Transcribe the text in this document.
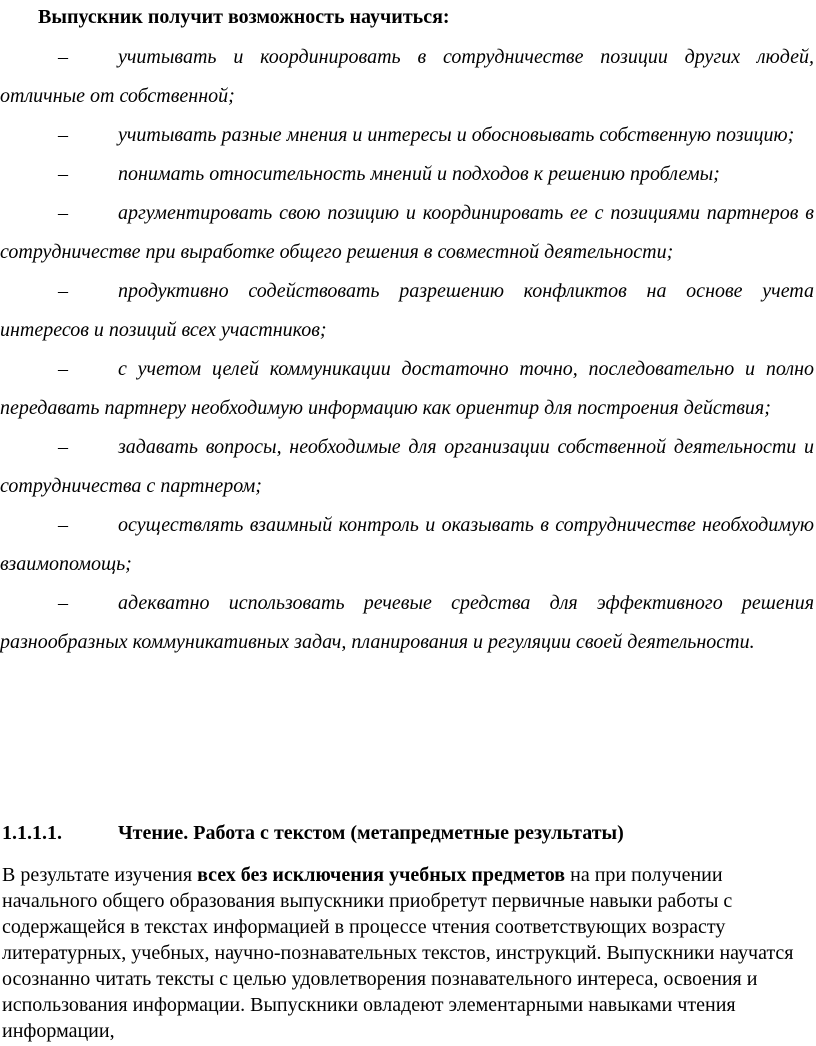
Выпускник получит возможность научиться:
–	учитывать и координировать в сотрудничестве позиции других людей, отличные от собственной;
–	учитывать разные мнения и интересы и обосновывать собственную позицию;
–	понимать относительность мнений и подходов к решению проблемы;
–	аргументировать свою позицию и координировать ее с позициями партнеров в сотрудничестве при выработке общего решения в совместной деятельности;
–	продуктивно содействовать разрешению конфликтов на основе учета интересов и позиций всех участников;
–	с учетом целей коммуникации достаточно точно, последовательно и полно передавать партнеру необходимую информацию как ориентир для построения действия;
–	задавать вопросы, необходимые для организации собственной деятельности и сотрудничества с партнером;
–	осуществлять взаимный контроль и оказывать в сотрудничестве необходимую взаимопомощь;
–	адекватно использовать речевые средства для эффективного решения разнообразных коммуникативных задач, планирования и регуляции своей деятельности.
1.1.1.1.	Чтение. Работа с текстом (метапредметные результаты)

В результате изучения всех без исключения учебных предметов на при получении начального общего образования выпускники приобретут первичные навыки работы с содержащейся в текстах информацией в процессе чтения соответствующих возрасту литературных, учебных, научно-познавательных текстов, инструкций. Выпускники научатся осознанно читать тексты с целью удовлетворения познавательного интереса, освоения и использования информации. Выпускники овладеют элементарными навыками чтения информации,
